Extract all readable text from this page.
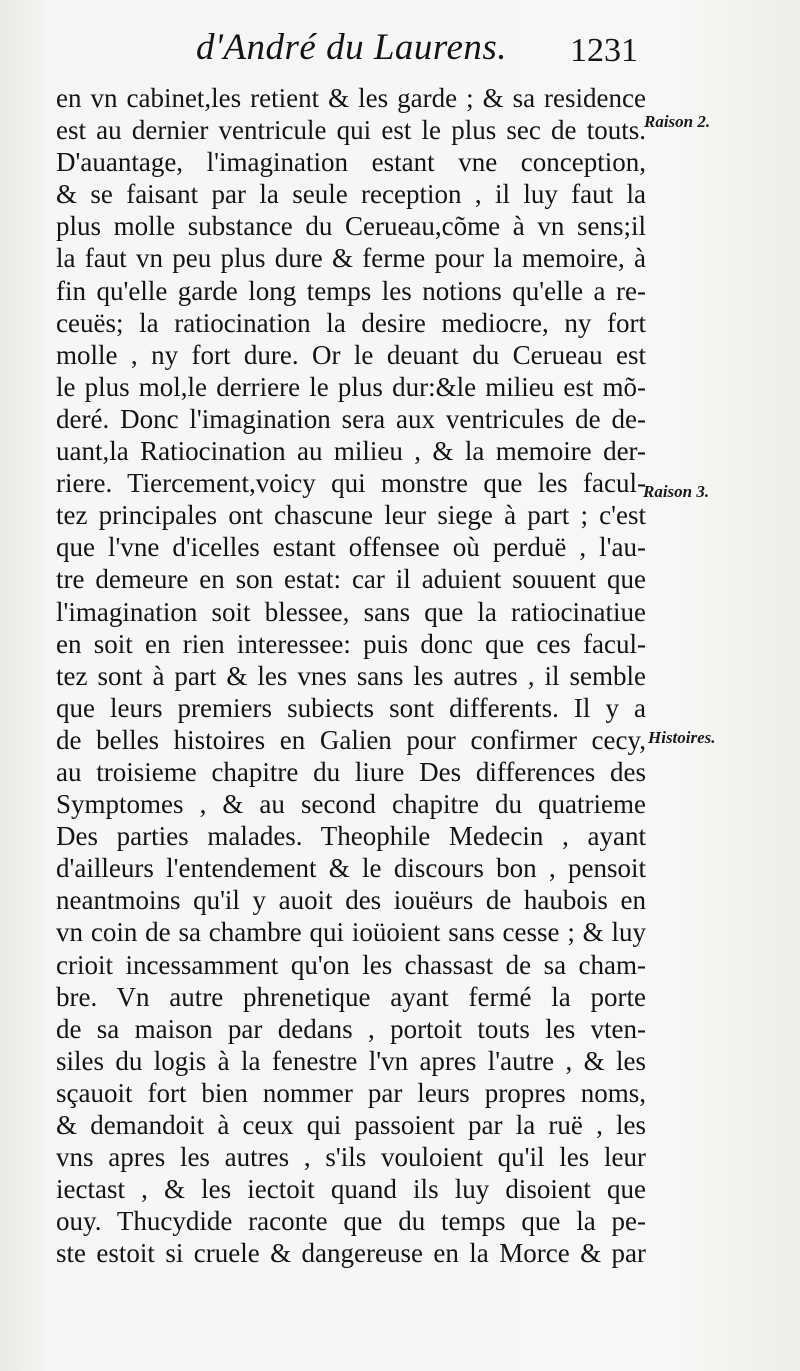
d'André du Laurens. 1231
en vn cabinet,les retient & les garde ; & sa residence
est au dernier ventricule qui est le plus sec de touts.
D'auantage, l'imagination estant vne conception,
& se faisant par la seule reception , il luy faut la
plus molle substance du Cerueau,cõme à vn sens;il
la faut vn peu plus dure & ferme pour la memoire, à
fin qu'elle garde long temps les notions qu'elle a re-
ceuës; la ratiocination la desire mediocre, ny fort
molle , ny fort dure. Or le deuant du Cerueau est
le plus mol,le derriere le plus dur:&le milieu est mõ-
deré. Donc l'imagination sera aux ventricules de de-
uant,la Ratiocination au milieu , & la memoire der-
riere. Tiercement,voicy qui monstre que les facul-
tez principales ont chascune leur siege à part ; c'est
que l'vne d'icelles estant offensee où perduë , l'au-
tre demeure en son estat: car il aduient souuent que
l'imagination soit blessee, sans que la ratiocinatiue
en soit en rien interessee: puis donc que ces facul-
tez sont à part & les vnes sans les autres , il semble
que leurs premiers subiects sont differents. Il y a
de belles histoires en Galien pour confirmer cecy,
au troisieme chapitre du liure Des differences des
Symptomes , & au second chapitre du quatrieme
Des parties malades. Theophile Medecin , ayant
d'ailleurs l'entendement & le discours bon , pensoit
neantmoins qu'il y auoit des iouëurs de haubois en
vn coin de sa chambre qui ioüoient sans cesse ; & luy
crioit incessamment qu'on les chassast de sa cham-
bre. Vn autre phrenetique ayant fermé la porte
de sa maison par dedans , portoit touts les vten-
siles du logis à la fenestre l'vn apres l'autre , & les
sçauoit fort bien nommer par leurs propres noms,
& demandoit à ceux qui passoient par la ruë , les
vns apres les autres , s'ils vouloient qu'il les leur
iectast , & les iectoit quand ils luy disoient que
ouy. Thucydide raconte que du temps que la pe-
ste estoit si cruele & dangereuse en la Morce & par
Raison 2.
Raison 3.
Histoires.
